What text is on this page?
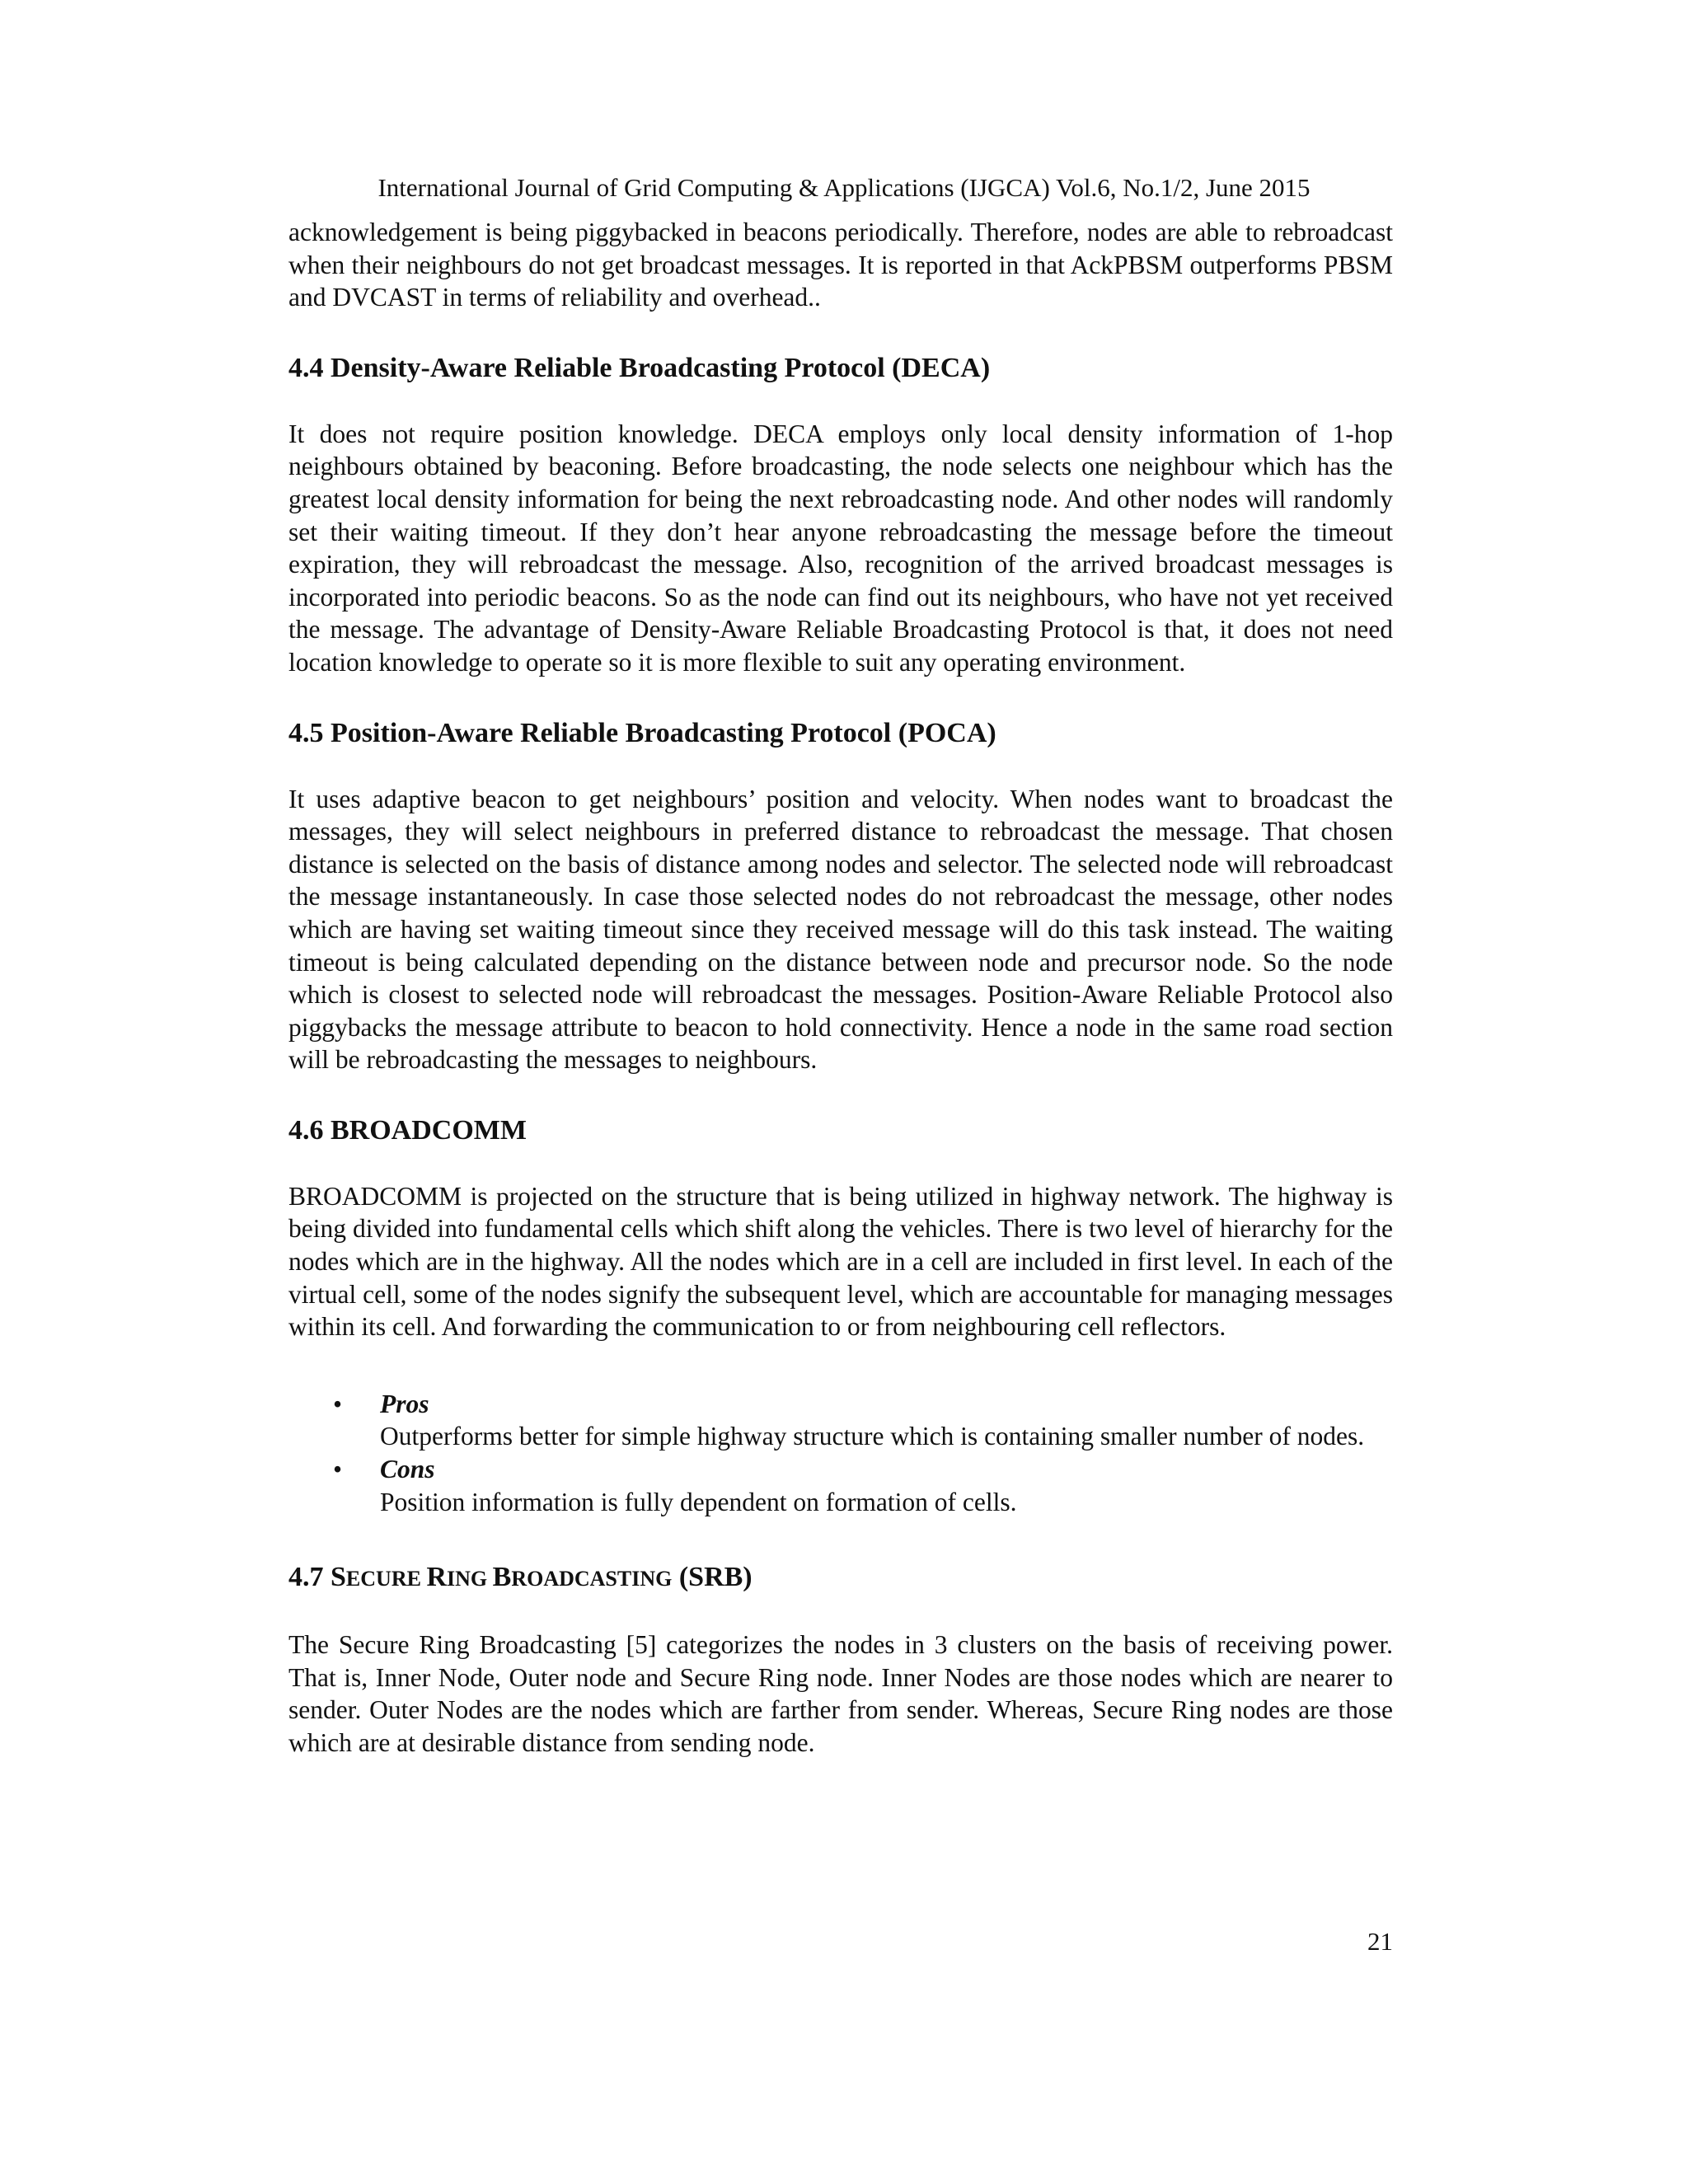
International Journal of Grid Computing & Applications (IJGCA) Vol.6, No.1/2, June 2015

acknowledgement is being piggybacked in beacons periodically. Therefore, nodes are able to rebroadcast when their neighbours do not get broadcast messages. It is reported in that AckPBSM outperforms PBSM and DVCAST in terms of reliability and overhead..

4.4 Density-Aware Reliable Broadcasting Protocol (DECA)

It does not require position knowledge. DECA employs only local density information of 1-hop neighbours obtained by beaconing. Before broadcasting, the node selects one neighbour which has the greatest local density information for being the next rebroadcasting node. And other nodes will randomly set their waiting timeout. If they don’t hear anyone rebroadcasting the message before the timeout expiration, they will rebroadcast the message. Also, recognition of the arrived broadcast messages is incorporated into periodic beacons. So as the node can find out its neighbours, who have not yet received the message. The advantage of Density-Aware Reliable Broadcasting Protocol is that, it does not need location knowledge to operate so it is more flexible to suit any operating environment.

4.5 Position-Aware Reliable Broadcasting Protocol (POCA)

It uses adaptive beacon to get neighbours’ position and velocity. When nodes want to broadcast the messages, they will select neighbours in preferred distance to rebroadcast the message. That chosen distance is selected on the basis of distance among nodes and selector. The selected node will rebroadcast the message instantaneously. In case those selected nodes do not rebroadcast the message, other nodes which are having set waiting timeout since they received message will do this task instead. The waiting timeout is being calculated depending on the distance between node and precursor node. So the node which is closest to selected node will rebroadcast the messages. Position-Aware Reliable Protocol also piggybacks the message attribute to beacon to hold connectivity. Hence a node in the same road section will be rebroadcasting the messages to neighbours.

4.6 BROADCOMM

BROADCOMM is projected on the structure that is being utilized in highway network. The highway is being divided into fundamental cells which shift along the vehicles. There is two level of hierarchy for the nodes which are in the highway. All the nodes which are in a cell are included in first level. In each of the virtual cell, some of the nodes signify the subsequent level, which are accountable for managing messages within its cell. And forwarding the communication to or from neighbouring cell reflectors.

• Pros
Outperforms better for simple highway structure which is containing smaller number of nodes.
• Cons
Position information is fully dependent on formation of cells.
4.7 SECURE RING BROADCASTING (SRB)

The Secure Ring Broadcasting [5] categorizes the nodes in 3 clusters on the basis of receiving power. That is, Inner Node, Outer node and Secure Ring node. Inner Nodes are those nodes which are nearer to sender. Outer Nodes are the nodes which are farther from sender. Whereas, Secure Ring nodes are those which are at desirable distance from sending node.

21
